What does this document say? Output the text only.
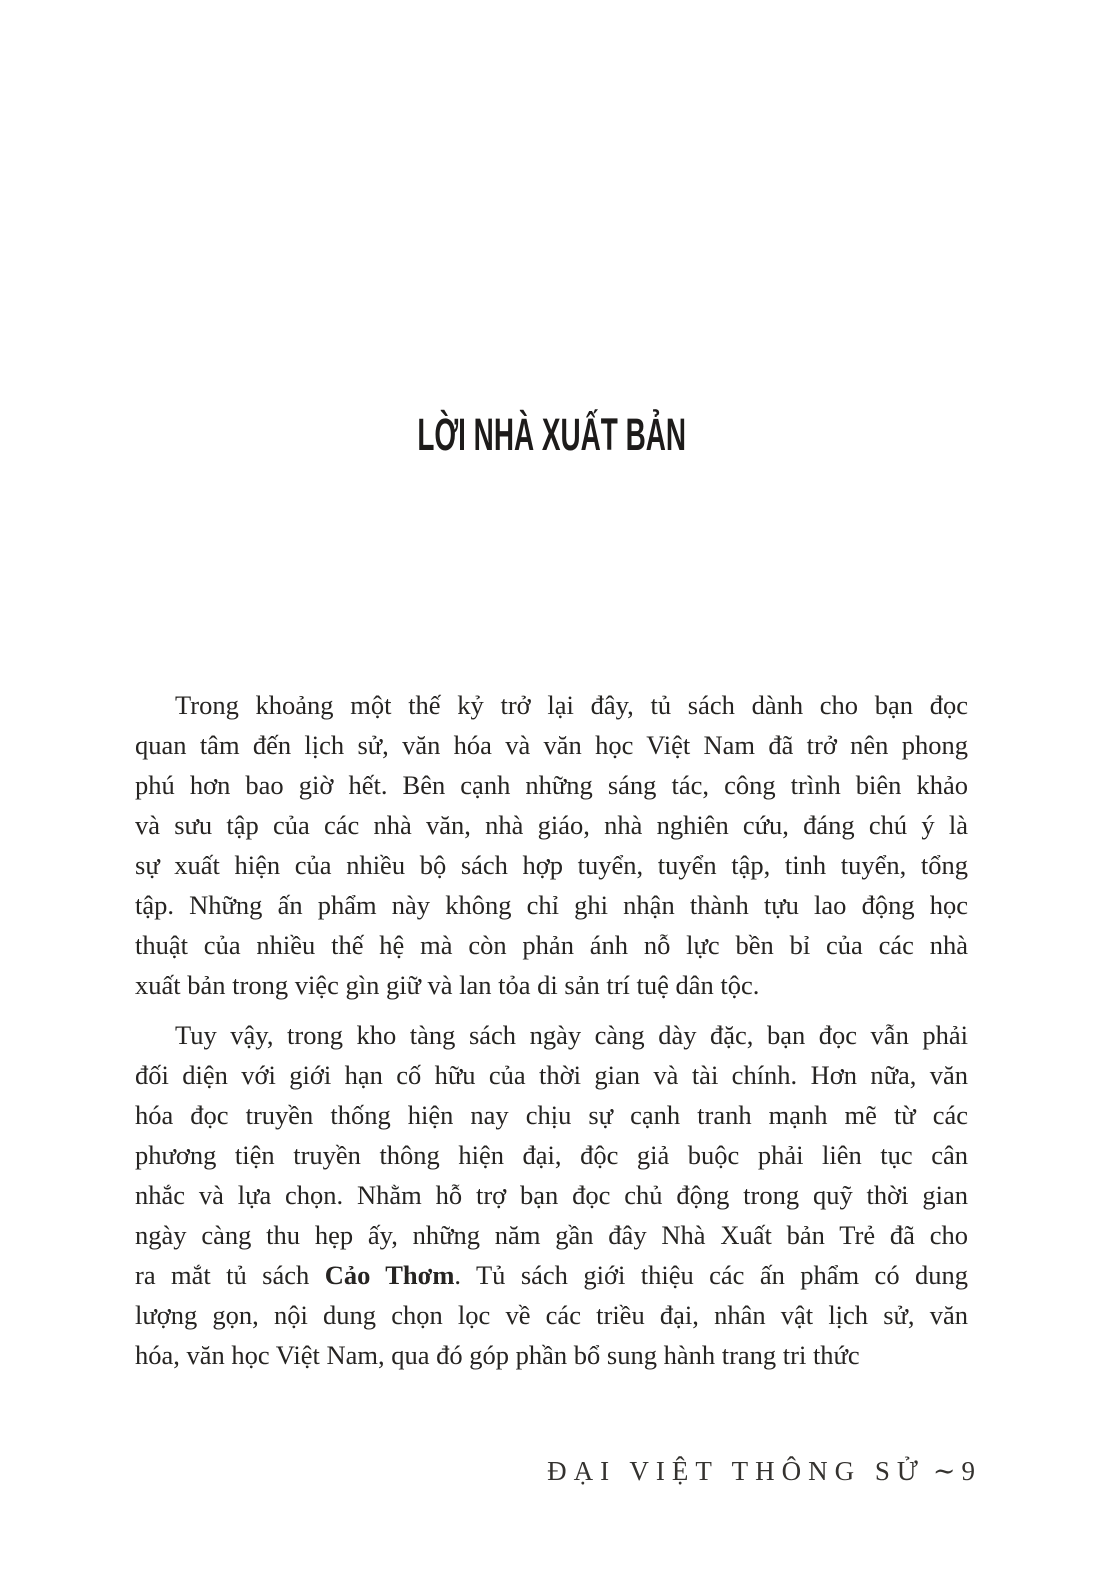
LỜI NHÀ XUẤT BẢN
Trong khoảng một thế kỷ trở lại đây, tủ sách dành cho bạn đọc
quan tâm đến lịch sử, văn hóa và văn học Việt Nam đã trở nên phong
phú hơn bao giờ hết. Bên cạnh những sáng tác, công trình biên khảo
và sưu tập của các nhà văn, nhà giáo, nhà nghiên cứu, đáng chú ý là
sự xuất hiện của nhiều bộ sách hợp tuyển, tuyển tập, tinh tuyển, tổng
tập. Những ấn phẩm này không chỉ ghi nhận thành tựu lao động học
thuật của nhiều thế hệ mà còn phản ánh nỗ lực bền bỉ của các nhà
xuất bản trong việc gìn giữ và lan tỏa di sản trí tuệ dân tộc.
Tuy vậy, trong kho tàng sách ngày càng dày đặc, bạn đọc vẫn phải
đối diện với giới hạn cố hữu của thời gian và tài chính. Hơn nữa, văn
hóa đọc truyền thống hiện nay chịu sự cạnh tranh mạnh mẽ từ các
phương tiện truyền thông hiện đại, độc giả buộc phải liên tục cân
nhắc và lựa chọn. Nhằm hỗ trợ bạn đọc chủ động trong quỹ thời gian
ngày càng thu hẹp ấy, những năm gần đây Nhà Xuất bản Trẻ đã cho
ra mắt tủ sách Cảo Thơm. Tủ sách giới thiệu các ấn phẩm có dung
lượng gọn, nội dung chọn lọc về các triều đại, nhân vật lịch sử, văn
hóa, văn học Việt Nam, qua đó góp phần bổ sung hành trang tri thức
ĐẠI VIỆT THÔNG SỬ ∼ 9
